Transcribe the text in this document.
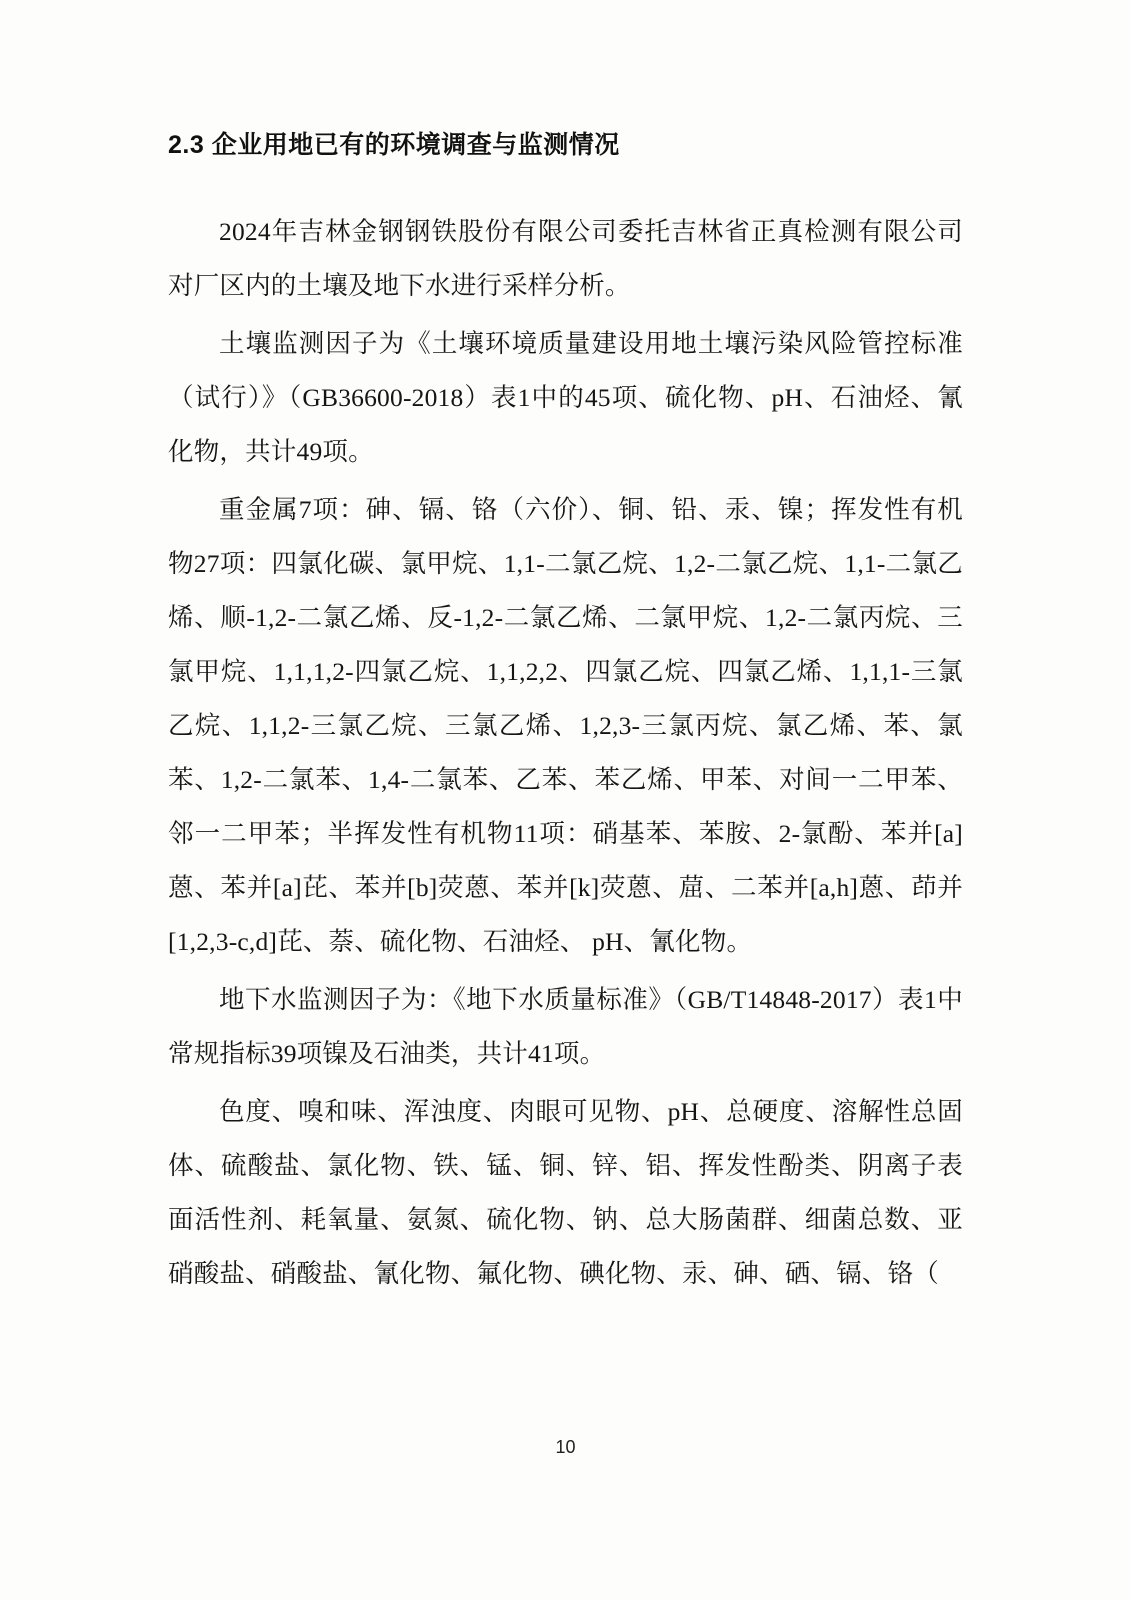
2.3 企业用地已有的环境调查与监测情况

2024年吉林金钢钢铁股份有限公司委托吉林省正真检测有限公司对厂区内的土壤及地下水进行采样分析。

土壤监测因子为《土壤环境质量建设用地土壤污染风险管控标准（试行）》（GB36600-2018）表1中的45项、硫化物、pH、石油烃、氰化物，共计49项。

重金属7项：砷、镉、铬（六价）、铜、铅、汞、镍；挥发性有机物27项：四氯化碳、氯甲烷、1,1-二氯乙烷、1,2-二氯乙烷、1,1-二氯乙烯、顺-1,2-二氯乙烯、反-1,2-二氯乙烯、二氯甲烷、1,2-二氯丙烷、三氯甲烷、1,1,1,2-四氯乙烷、1,1,2,2、四氯乙烷、四氯乙烯、1,1,1-三氯乙烷、1,1,2-三氯乙烷、三氯乙烯、1,2,3-三氯丙烷、氯乙烯、苯、氯苯、1,2-二氯苯、1,4-二氯苯、乙苯、苯乙烯、甲苯、对间一二甲苯、邻一二甲苯；半挥发性有机物11项：硝基苯、苯胺、2-氯酚、苯并[a]蒽、苯并[a]芘、苯并[b]荧蒽、苯并[k]荧蒽、䓛、二苯并[a,h]蒽、茚并[1,2,3-c,d]芘、萘、硫化物、石油烃、 pH、氰化物。

地下水监测因子为：《地下水质量标准》（GB/T14848-2017）表1中常规指标39项镍及石油类，共计41项。

色度、嗅和味、浑浊度、肉眼可见物、pH、总硬度、溶解性总固体、硫酸盐、氯化物、铁、锰、铜、锌、铝、挥发性酚类、阴离子表面活性剂、耗氧量、氨氮、硫化物、钠、总大肠菌群、细菌总数、亚硝酸盐、硝酸盐、氰化物、氟化物、碘化物、汞、砷、硒、镉、铬（

10
